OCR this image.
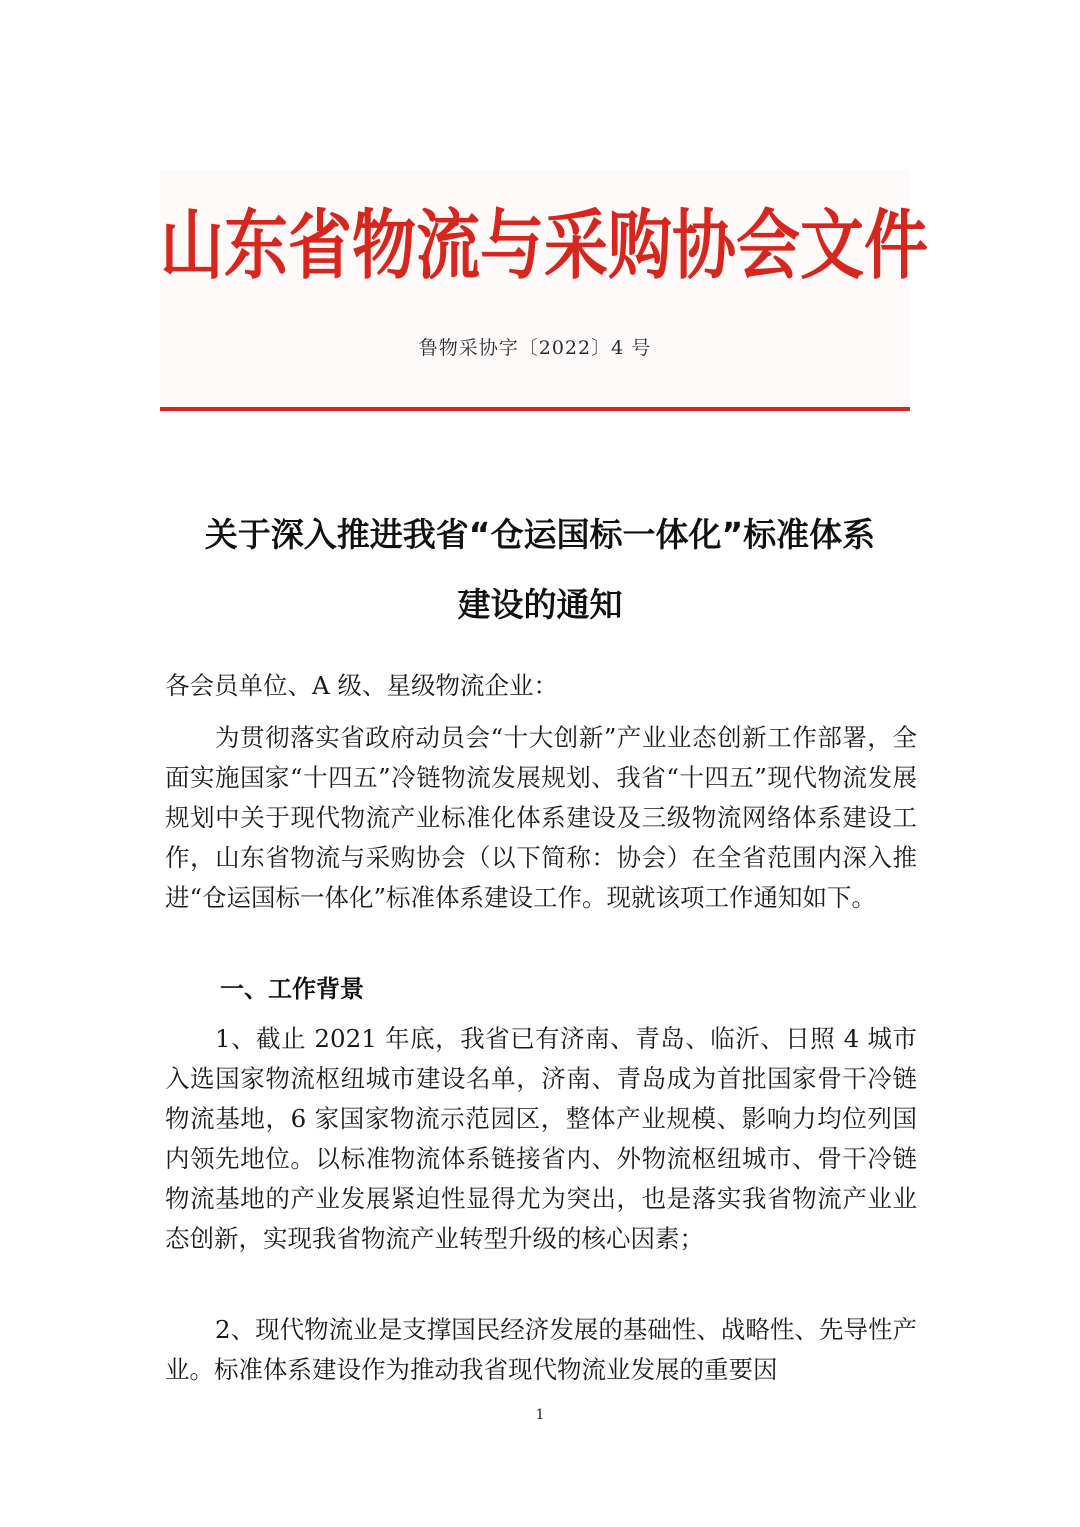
山东省物流与采购协会文件
鲁物采协字〔2022〕4 号
关于深入推进我省“仓运国标一体化”标准体系
建设的通知
各会员单位、A 级、星级物流企业：
为贯彻落实省政府动员会“十大创新”产业业态创新工作部署，全面实施国家“十四五”冷链物流发展规划、我省“十四五”现代物流发展规划中关于现代物流产业标准化体系建设及三级物流网络体系建设工作，山东省物流与采购协会（以下简称：协会）在全省范围内深入推进“仓运国标一体化”标准体系建设工作。现就该项工作通知如下。
一、工作背景
1、截止 2021 年底，我省已有济南、青岛、临沂、日照 4 城市入选国家物流枢纽城市建设名单，济南、青岛成为首批国家骨干冷链物流基地，6 家国家物流示范园区，整体产业规模、影响力均位列国内领先地位。以标准物流体系链接省内、外物流枢纽城市、骨干冷链物流基地的产业发展紧迫性显得尤为突出，也是落实我省物流产业业态创新，实现我省物流产业转型升级的核心因素；
2、现代物流业是支撑国民经济发展的基础性、战略性、先导性产业。标准体系建设作为推动我省现代物流业发展的重要因
1
